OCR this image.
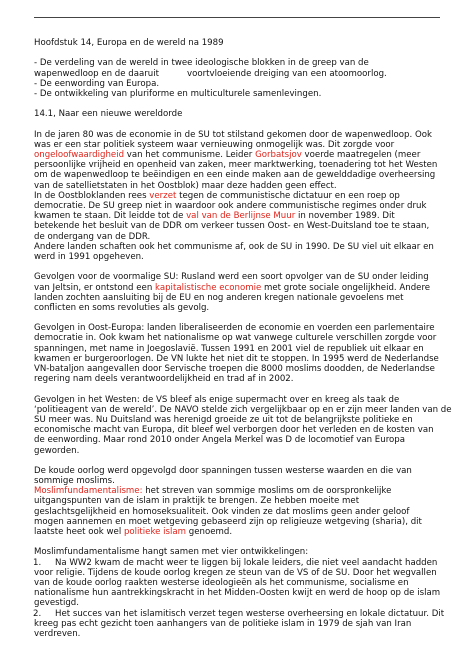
Hoofdstuk 14, Europa en de wereld na 1989
- De verdeling van de wereld in twee ideologische blokken in de greep van de
wapenwedloop en de daaruit	voortvloeiende dreiging van een atoomoorlog.
- De eenwording van Europa.
- De ontwikkeling van pluriforme en multiculturele samenlevingen.
14.1, Naar een nieuwe wereldorde
In de jaren 80 was de economie in de SU tot stilstand gekomen door de wapenwedloop. Ook
was er een star politiek systeem waar vernieuwing onmogelijk was. Dit zorgde voor
ongeloofwaardigheid van het communisme. Leider Gorbatsjov voerde maatregelen (meer
persoonlijke vrijheid en openheid van zaken, meer marktwerking, toenadering tot het Westen
om de wapenwedloop te beëindigen en een einde maken aan de gewelddadige overheersing
van de satellietstaten in het Oostblok) maar deze hadden geen effect.
In de Oostbloklanden rees verzet tegen de communistische dictatuur en een roep op
democratie. De SU greep niet in waardoor ook andere communistische regimes onder druk
kwamen te staan. Dit leidde tot de val van de Berlijnse Muur in november 1989. Dit
betekende het besluit van de DDR om verkeer tussen Oost- en West-Duitsland toe te staan,
de ondergang van de DDR.
Andere landen schaften ook het communisme af, ook de SU in 1990. De SU viel uit elkaar en
werd in 1991 opgeheven.
Gevolgen voor de voormalige SU: Rusland werd een soort opvolger van de SU onder leiding
van Jeltsin, er ontstond een kapitalistische economie met grote sociale ongelijkheid. Andere
landen zochten aansluiting bij de EU en nog anderen kregen nationale gevoelens met
conflicten en soms revoluties als gevolg.
Gevolgen in Oost-Europa: landen liberaliseerden de economie en voerden een parlementaire
democratie in. Ook kwam het nationalisme op wat vanwege culturele verschillen zorgde voor
spanningen, met name in Joegoslavië. Tussen 1991 en 2001 viel de republiek uit elkaar en
kwamen er burgeroorlogen. De VN lukte het niet dit te stoppen. In 1995 werd de Nederlandse
VN-bataljon aangevallen door Servische troepen die 8000 moslims doodden, de Nederlandse
regering nam deels verantwoordelijkheid en trad af in 2002.
Gevolgen in het Westen: de VS bleef als enige supermacht over en kreeg als taak de
‘politieagent van de wereld’. De NAVO stelde zich vergelijkbaar op en er zijn meer landen van de
SU meer was. Nu Duitsland was herenigd groeide ze uit tot de belangrijkste politieke en
economische macht van Europa, dit bleef wel verborgen door het verleden en de kosten van
de eenwording. Maar rond 2010 onder Angela Merkel was D de locomotief van Europa
geworden.
De koude oorlog werd opgevolgd door spanningen tussen westerse waarden en die van
sommige moslims.
Moslimfundamentalisme: het streven van sommige moslims om de oorspronkelijke
uitgangspunten van de islam in praktijk te brengen. Ze hebben moeite met
geslachtsgelijkheid en homoseksualiteit. Ook vinden ze dat moslims geen ander geloof
mogen aannemen en moet wetgeving gebaseerd zijn op religieuze wetgeving (sharia), dit
laatste heet ook wel politieke islam genoemd.
Moslimfundamentalisme hangt samen met vier ontwikkelingen:
1. Na WW2 kwam de macht weer te liggen bij lokale leiders, die niet veel aandacht hadden
voor religie. Tijdens de koude oorlog kregen ze steun van de VS of de SU. Door het wegvallen
van de koude oorlog raakten westerse ideologieën als het communisme, socialisme en
nationalisme hun aantrekkingskracht in het Midden-Oosten kwijt en werd de hoop op de islam
gevestigd.
2. Het succes van het islamitisch verzet tegen westerse overheersing en lokale dictatuur. Dit
kreeg pas echt gezicht toen aanhangers van de politieke islam in 1979 de sjah van Iran
verdreven.
